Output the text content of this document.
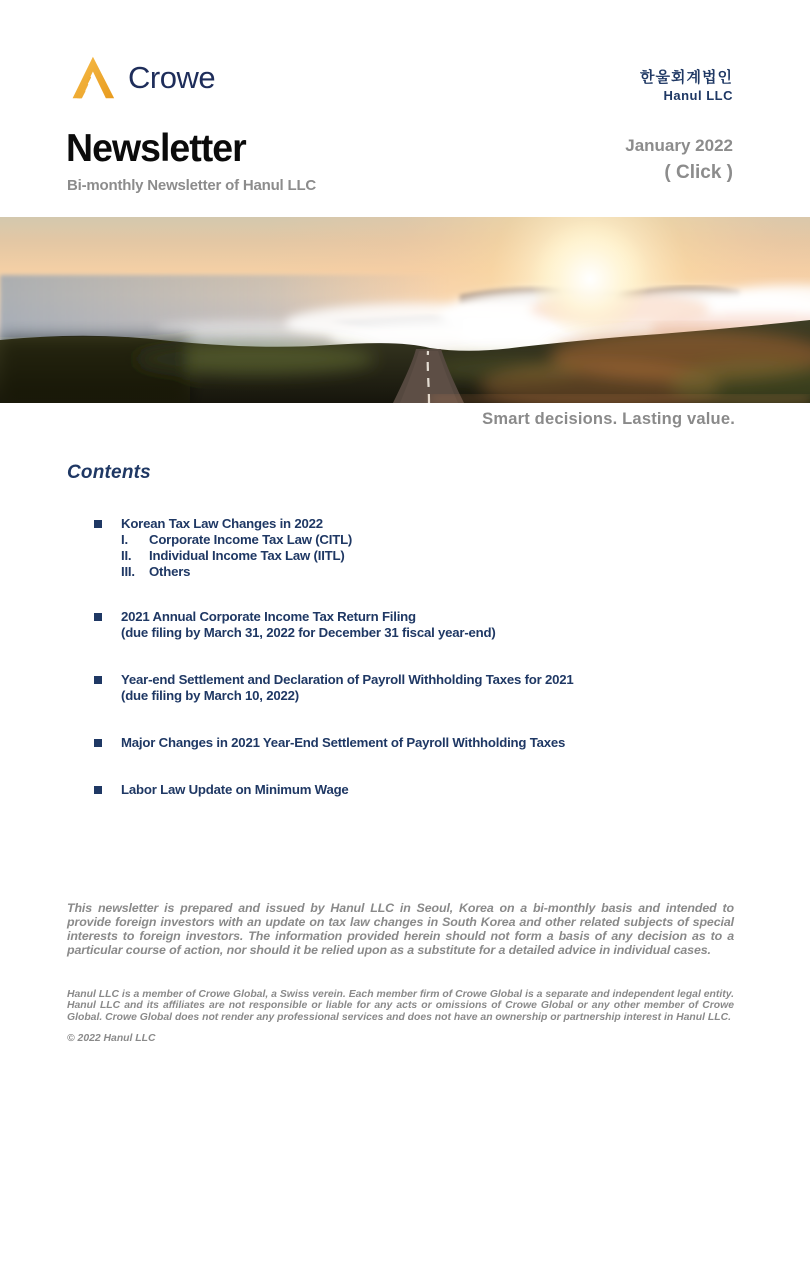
Crowe	한울회계법인
Hanul LLC
Newsletter	January 2022
( Click )
Bi-monthly Newsletter of Hanul LLC
Smart decisions. Lasting value.
Contents
Korean Tax Law Changes in 2022
I.	Corporate Income Tax Law (CITL)
II.	Individual Income Tax Law (IITL)
III.	Others
2021 Annual Corporate Income Tax Return Filing
(due filing by March 31, 2022 for December 31 fiscal year-end)
Year-end Settlement and Declaration of Payroll Withholding Taxes for 2021
(due filing by March 10, 2022)
Major Changes in 2021 Year-End Settlement of Payroll Withholding Taxes
Labor Law Update on Minimum Wage
This newsletter is prepared and issued by Hanul LLC in Seoul, Korea on a bi-monthly basis and intended to provide foreign investors with an update on tax law changes in South Korea and other related subjects of special interests to foreign investors. The information provided herein should not form a basis of any decision as to a particular course of action, nor should it be relied upon as a substitute for a detailed advice in individual cases.
Hanul LLC is a member of Crowe Global, a Swiss verein. Each member firm of Crowe Global is a separate and independent legal entity. Hanul LLC and its affiliates are not responsible or liable for any acts or omissions of Crowe Global or any other member of Crowe Global. Crowe Global does not render any professional services and does not have an ownership or partnership interest in Hanul LLC.
© 2022 Hanul LLC
